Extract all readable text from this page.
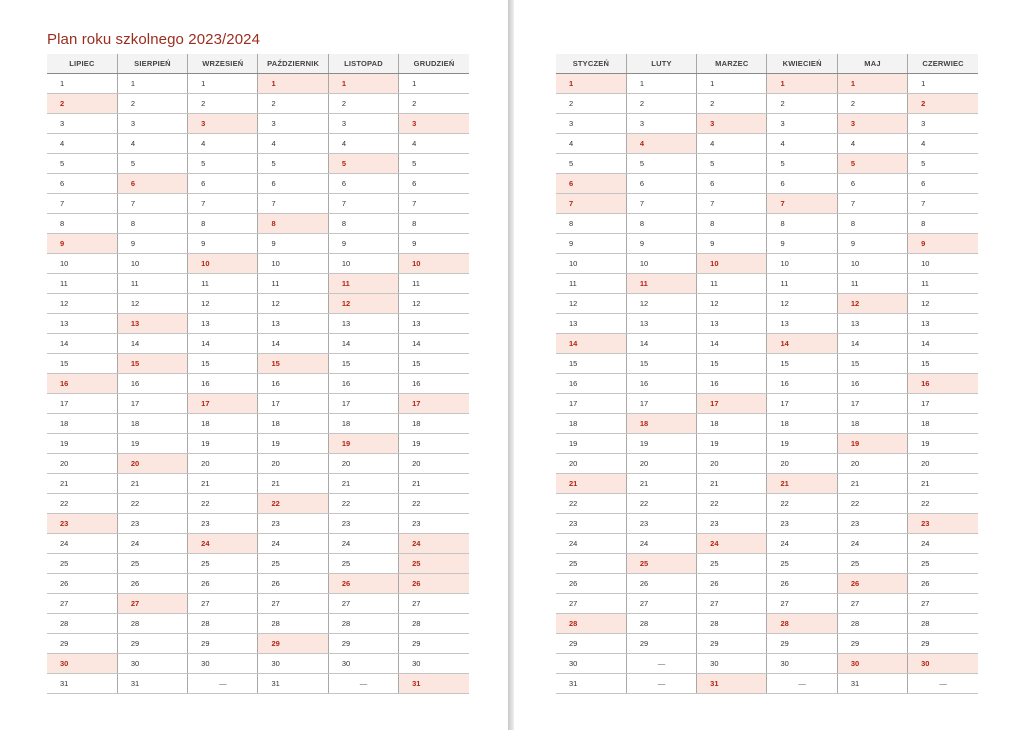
Plan roku szkolnego 2023/2024
LIPIEC	SIERPIEŃ	WRZESIEŃ	PAŹDZIERNIK	LISTOPAD	GRUDZIEŃ
1	1	1	1	1	1
2	2	2	2	2	2
3	3	3	3	3	3
4	4	4	4	4	4
5	5	5	5	5	5
6	6	6	6	6	6
7	7	7	7	7	7
8	8	8	8	8	8
9	9	9	9	9	9
10	10	10	10	10	10
11	11	11	11	11	11
12	12	12	12	12	12
13	13	13	13	13	13
14	14	14	14	14	14
15	15	15	15	15	15
16	16	16	16	16	16
17	17	17	17	17	17
18	18	18	18	18	18
19	19	19	19	19	19
20	20	20	20	20	20
21	21	21	21	21	21
22	22	22	22	22	22
23	23	23	23	23	23
24	24	24	24	24	24
25	25	25	25	25	25
26	26	26	26	26	26
27	27	27	27	27	27
28	28	28	28	28	28
29	29	29	29	29	29
30	30	30	30	30	30
31	31	—	31	—	31
STYCZEŃ	LUTY	MARZEC	KWIECIEŃ	MAJ	CZERWIEC
1	1	1	1	1	1
2	2	2	2	2	2
3	3	3	3	3	3
4	4	4	4	4	4
5	5	5	5	5	5
6	6	6	6	6	6
7	7	7	7	7	7
8	8	8	8	8	8
9	9	9	9	9	9
10	10	10	10	10	10
11	11	11	11	11	11
12	12	12	12	12	12
13	13	13	13	13	13
14	14	14	14	14	14
15	15	15	15	15	15
16	16	16	16	16	16
17	17	17	17	17	17
18	18	18	18	18	18
19	19	19	19	19	19
20	20	20	20	20	20
21	21	21	21	21	21
22	22	22	22	22	22
23	23	23	23	23	23
24	24	24	24	24	24
25	25	25	25	25	25
26	26	26	26	26	26
27	27	27	27	27	27
28	28	28	28	28	28
29	29	29	29	29	29
30	—	30	30	30	30
31	—	31	—	31	—
